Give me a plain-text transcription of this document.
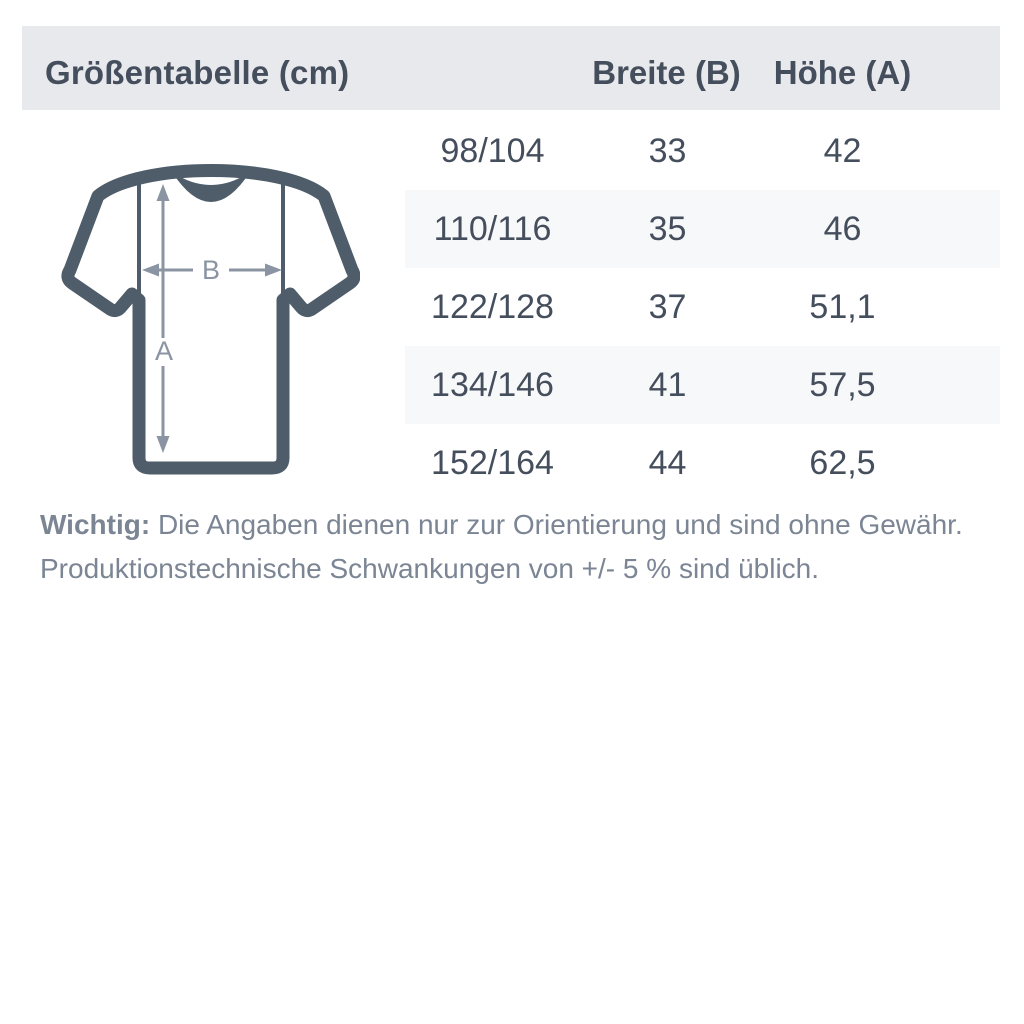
Größentabelle (cm)	Breite (B) Höhe (A)
A
B
98/104	33	42
110/116	35	46
122/128	37	51,1
134/146	41	57,5
152/164	44	62,5
Wichtig: Die Angaben dienen nur zur Orientierung und sind ohne Gewähr.
Produktionstechnische Schwankungen von +/- 5 % sind üblich.
